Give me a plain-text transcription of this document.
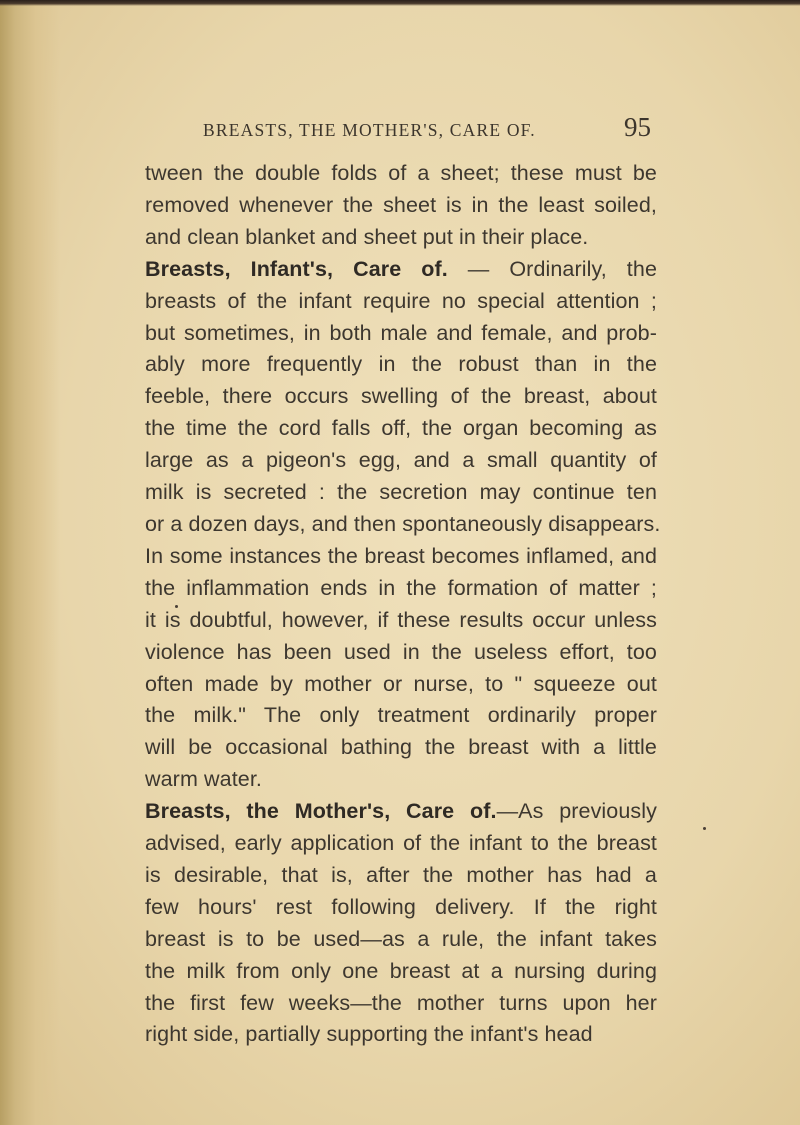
BREASTS, THE MOTHER'S, CARE OF.	95
tween the double folds of a sheet; these must be
removed whenever the sheet is in the least soiled,
and clean blanket and sheet put in their place.
Breasts, Infant's, Care of. — Ordinarily, the
breasts of the infant require no special attention ;
but sometimes, in both male and female, and prob-
ably more frequently in the robust than in the
feeble, there occurs swelling of the breast, about
the time the cord falls off, the organ becoming as
large as a pigeon's egg, and a small quantity of
milk is secreted : the secretion may continue ten
or a dozen days, and then spontaneously disappears.
In some instances the breast becomes inflamed, and
the inflammation ends in the formation of matter ;
it is doubtful, however, if these results occur unless
violence has been used in the useless effort, too
often made by mother or nurse, to " squeeze out
the milk." The only treatment ordinarily proper
will be occasional bathing the breast with a little
warm water.
Breasts, the Mother's, Care of.—As previously
advised, early application of the infant to the breast
is desirable, that is, after the mother has had a
few hours' rest following delivery. If the right
breast is to be used—as a rule, the infant takes
the milk from only one breast at a nursing during
the first few weeks—the mother turns upon her
right side, partially supporting the infant's head
